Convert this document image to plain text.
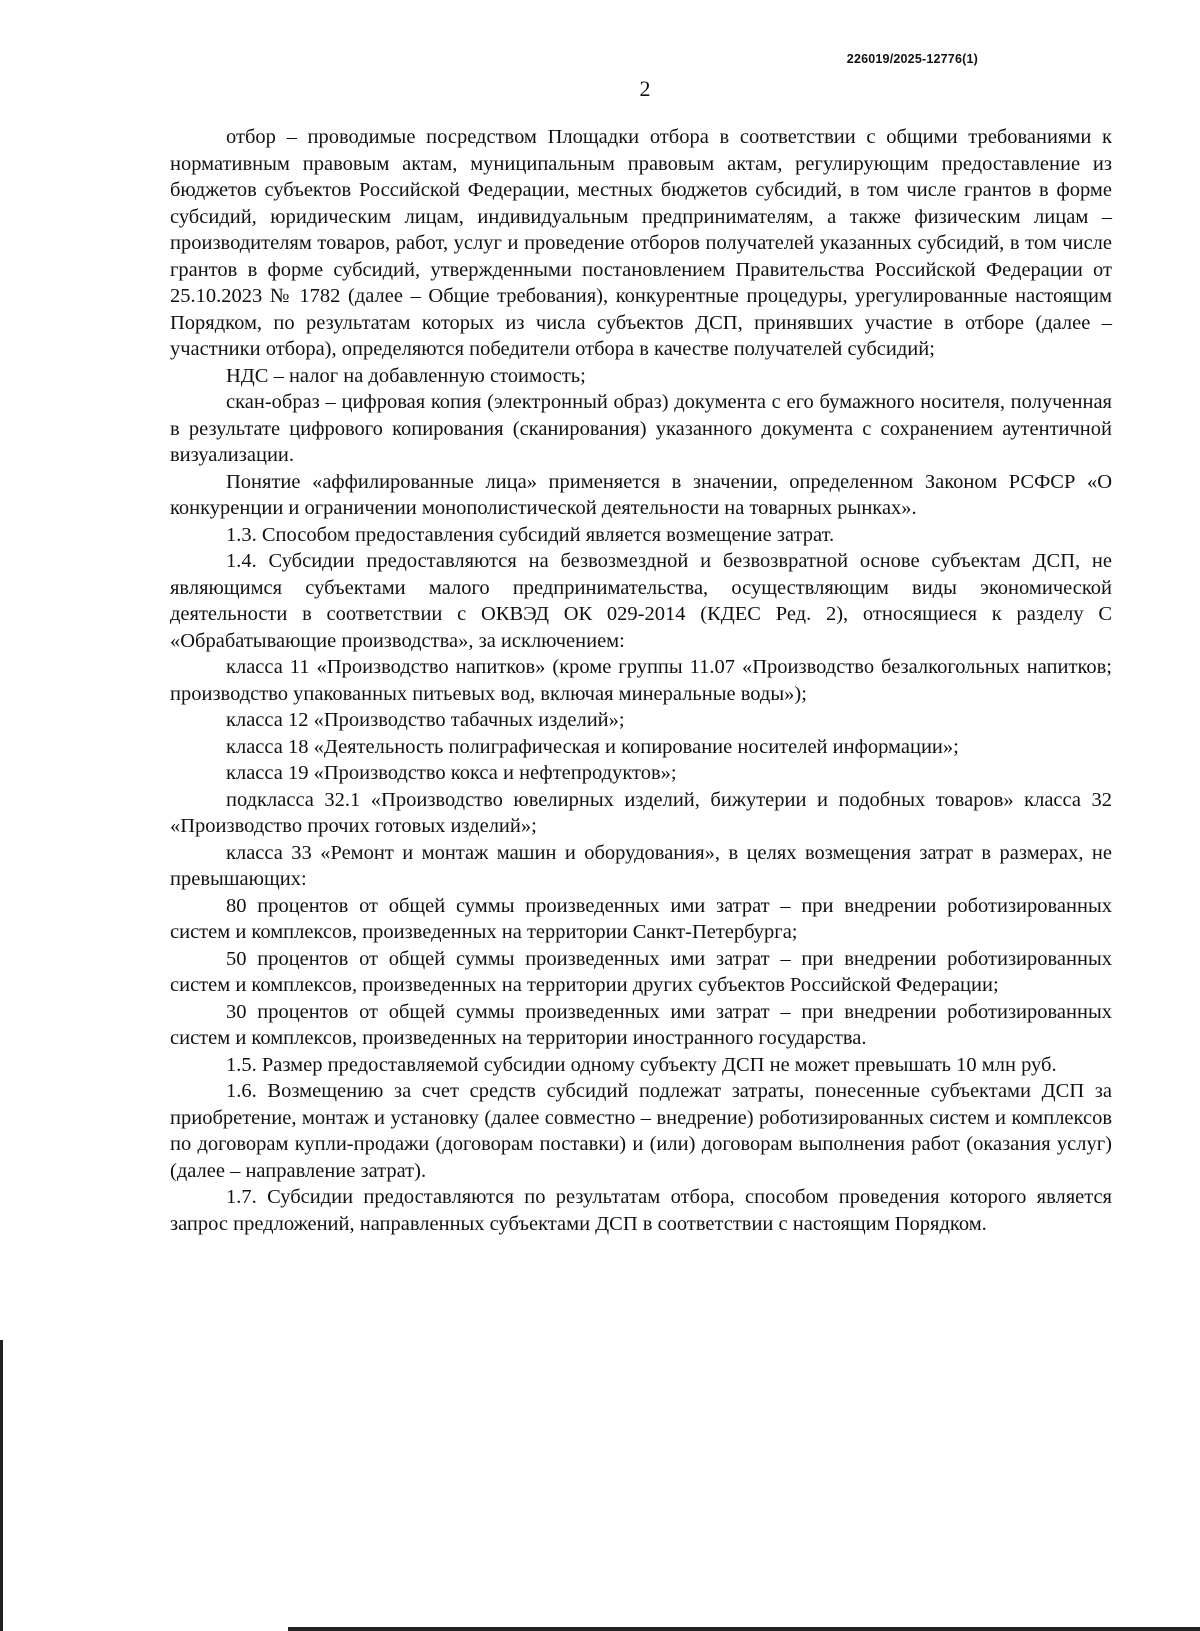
226019/2025-12776(1)
2

отбор – проводимые посредством Площадки отбора в соответствии с общими требованиями к нормативным правовым актам, муниципальным правовым актам, регулирующим предоставление из бюджетов субъектов Российской Федерации, местных бюджетов субсидий, в том числе грантов в форме субсидий, юридическим лицам, индивидуальным предпринимателям, а также физическим лицам – производителям товаров, работ, услуг и проведение отборов получателей указанных субсидий, в том числе грантов в форме субсидий, утвержденными постановлением Правительства Российской Федерации от 25.10.2023 № 1782 (далее – Общие требования), конкурентные процедуры, урегулированные настоящим Порядком, по результатам которых из числа субъектов ДСП, принявших участие в отборе (далее – участники отбора), определяются победители отбора в качестве получателей субсидий;

НДС – налог на добавленную стоимость;

скан-образ – цифровая копия (электронный образ) документа с его бумажного носителя, полученная в результате цифрового копирования (сканирования) указанного документа с сохранением аутентичной визуализации.

Понятие «аффилированные лица» применяется в значении, определенном Законом РСФСР «О конкуренции и ограничении монополистической деятельности на товарных рынках».

1.3. Способом предоставления субсидий является возмещение затрат.

1.4. Субсидии предоставляются на безвозмездной и безвозвратной основе субъектам ДСП, не являющимся субъектами малого предпринимательства, осуществляющим виды экономической деятельности в соответствии с ОКВЭД ОК 029-2014 (КДЕС Ред. 2), относящиеся к разделу С «Обрабатывающие производства», за исключением:

класса 11 «Производство напитков» (кроме группы 11.07 «Производство безалкогольных напитков; производство упакованных питьевых вод, включая минеральные воды»);

класса 12 «Производство табачных изделий»;

класса 18 «Деятельность полиграфическая и копирование носителей информации»;

класса 19 «Производство кокса и нефтепродуктов»;

подкласса 32.1 «Производство ювелирных изделий, бижутерии и подобных товаров» класса 32 «Производство прочих готовых изделий»;

класса 33 «Ремонт и монтаж машин и оборудования», в целях возмещения затрат в размерах, не превышающих:

80 процентов от общей суммы произведенных ими затрат – при внедрении роботизированных систем и комплексов, произведенных на территории Санкт-Петербурга;

50 процентов от общей суммы произведенных ими затрат – при внедрении роботизированных систем и комплексов, произведенных на территории других субъектов Российской Федерации;

30 процентов от общей суммы произведенных ими затрат – при внедрении роботизированных систем и комплексов, произведенных на территории иностранного государства.

1.5. Размер предоставляемой субсидии одному субъекту ДСП не может превышать 10 млн руб.

1.6. Возмещению за счет средств субсидий подлежат затраты, понесенные субъектами ДСП за приобретение, монтаж и установку (далее совместно – внедрение) роботизированных систем и комплексов по договорам купли-продажи (договорам поставки) и (или) договорам выполнения работ (оказания услуг) (далее – направление затрат).

1.7. Субсидии предоставляются по результатам отбора, способом проведения которого является запрос предложений, направленных субъектами ДСП в соответствии с настоящим Порядком.
